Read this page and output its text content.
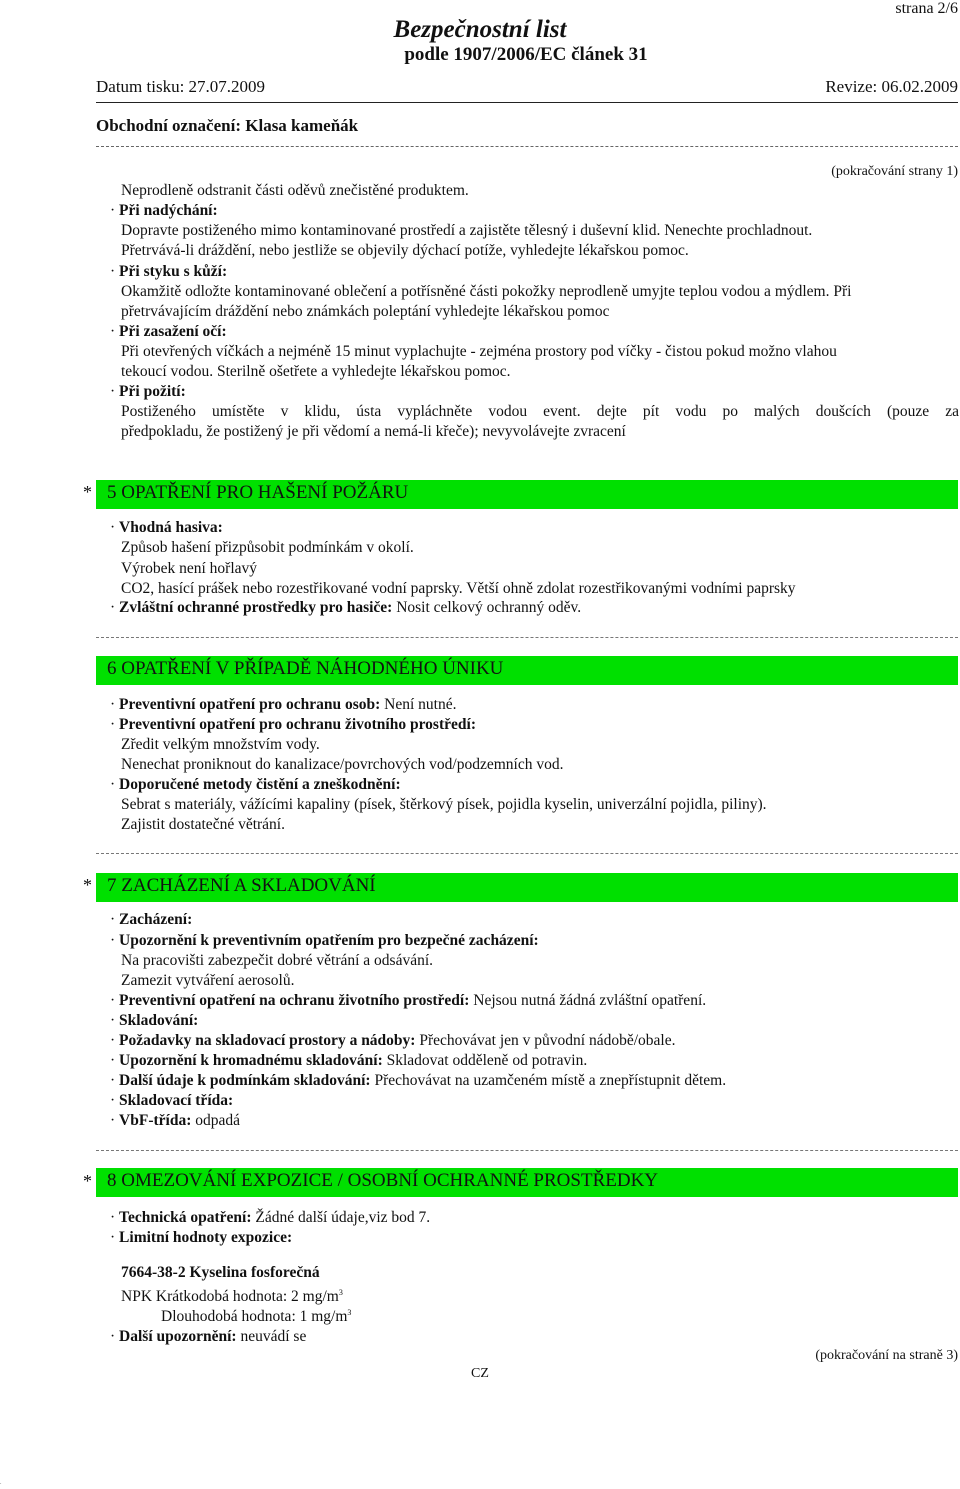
strana 2/6
Bezpečnostní list
podle 1907/2006/EC článek 31
Datum tisku: 27.07.2009	Revize: 06.02.2009
Obchodní označení: Klasa kameňák
(pokračování strany 1)
Neprodleně odstranit části oděvů znečistěné produktem.
· Při nadýchání:
Dopravte postiženého mimo kontaminované prostředí a zajistěte tělesný i duševní klid. Nenechte prochladnout.
Přetrvává-li dráždění, nebo jestliže se objevily dýchací potíže, vyhledejte lékařskou pomoc.
· Při styku s kůží:
Okamžitě odložte kontaminované oblečení a potřísněné části pokožky neprodleně umyjte teplou vodou a mýdlem. Při
přetrvávajícím dráždění nebo známkách poleptání vyhledejte lékařskou pomoc
· Při zasažení očí:
Při otevřených víčkách a nejméně 15 minut vyplachujte - zejména prostory pod víčky - čistou pokud možno vlahou
tekoucí vodou. Sterilně ošetřete a vyhledejte lékařskou pomoc.
· Při požití:
Postiženého umístěte v klidu, ústa vypláchněte vodou event. dejte pít vodu po malých doušcích (pouze za
předpokladu, že postižený je při vědomí a nemá-li křeče); nevyvolávejte zvracení
* 5 OPATŘENÍ PRO HAŠENÍ POŽÁRU
· Vhodná hasiva:
Způsob hašení přizpůsobit podmínkám v okolí.
Výrobek není hořlavý
CO2, hasící prášek nebo rozestřikované vodní paprsky. Větší ohně zdolat rozestřikovanými vodními paprsky
· Zvláštní ochranné prostředky pro hasiče: Nosit celkový ochranný oděv.
6 OPATŘENÍ V PŘÍPADĚ NÁHODNÉHO ÚNIKU
· Preventivní opatření pro ochranu osob: Není nutné.
· Preventivní opatření pro ochranu životního prostředí:
Zředit velkým množstvím vody.
Nenechat proniknout do kanalizace/povrchových vod/podzemních vod.
· Doporučené metody čistění a zneškodnění:
Sebrat s materiály, vážícími kapaliny (písek, štěrkový písek, pojidla kyselin, univerzální pojidla, piliny).
Zajistit dostatečné větrání.
* 7 ZACHÁZENÍ A SKLADOVÁNÍ
· Zacházení:
· Upozornění k preventivním opatřením pro bezpečné zacházení:
Na pracovišti zabezpečit dobré větrání a odsávání.
Zamezit vytváření aerosolů.
· Preventivní opatření na ochranu životního prostředí: Nejsou nutná žádná zvláštní opatření.
· Skladování:
· Požadavky na skladovací prostory a nádoby: Přechovávat jen v původní nádobě/obale.
· Upozornění k hromadnému skladování: Skladovat odděleně od potravin.
· Další údaje k podmínkám skladování: Přechovávat na uzamčeném místě a znepřístupnit dětem.
· Skladovací třída:
· VbF-třída: odpadá
* 8 OMEZOVÁNÍ EXPOZICE / OSOBNÍ OCHRANNÉ PROSTŘEDKY
· Technická opatření: Žádné další údaje,viz bod 7.
· Limitní hodnoty expozice:
7664-38-2 Kyselina fosforečná
NPK Krátkodobá hodnota: 2 $mg/m^3$
Dlouhodobá hodnota: 1 $mg/m^3$
· Další upozornění: neuvádí se
(pokračování na straně 3)
CZ
.
